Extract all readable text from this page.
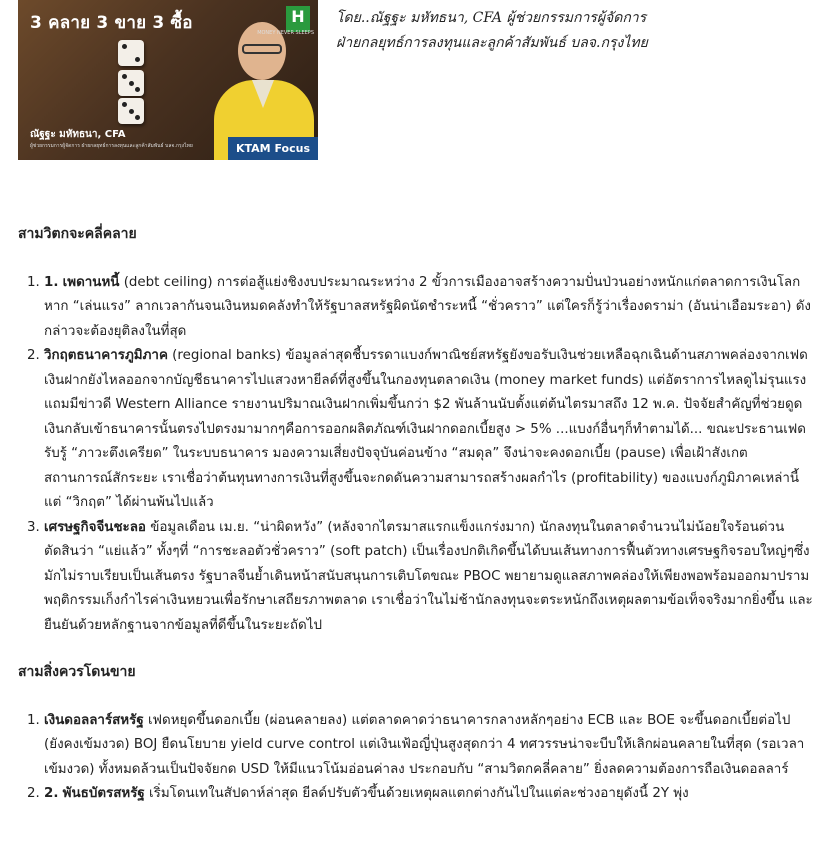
3 คลาย 3 ขาย 3 ซื้อ	H
MONEY NEVER SLEEPS
ณัฐฐะ มหัทธนา, CFA
ผู้ช่วยกรรมการผู้จัดการ ฝ่ายกลยุทธ์การลงทุนและลูกค้าสัมพันธ์ บลจ.กรุงไทย	KTAM Focus
โดย..ณัฐฐะ มหัทธนา, CFA ผู้ช่วยกรรมการผู้จัดการ
ฝ่ายกลยุทธ์การลงทุนและลูกค้าสัมพันธ์ บลจ.กรุงไทย

สามวิตกจะคลี่คลาย

1. 1. เพดานหนี้ (debt ceiling) การต่อสู้แย่งชิงงบประมาณระหว่าง 2 ขั้วการเมืองอาจสร้างความปั่นป่วนอย่างหนักแก่ตลาดการเงินโลกหาก “เล่นแรง” ลากเวลากันจนเงินหมดคลังทำให้รัฐบาลสหรัฐผิดนัดชำระหนี้ “ชั่วคราว” แต่ใครก็รู้ว่าเรื่องดราม่า (อันน่าเอือมระอา) ดังกล่าวจะต้องยุติลงในที่สุด
2. วิกฤตธนาคารภูมิภาค (regional banks) ข้อมูลล่าสุดชี้บรรดาแบงก์พาณิชย์สหรัฐยังขอรับเงินช่วยเหลือฉุกเฉินด้านสภาพคล่องจากเฟด เงินฝากยังไหลออกจากบัญชีธนาคารไปแสวงหายีลด์ที่สูงขึ้นในกองทุนตลาดเงิน (money market funds) แต่อัตราการไหลดูไม่รุนแรง แถมมีข่าวดี Western Alliance รายงานปริมาณเงินฝากเพิ่มขึ้นกว่า $2 พันล้านนับตั้งแต่ต้นไตรมาสถึง 12 พ.ค. ปัจจัยสำคัญที่ช่วยดูดเงินกลับเข้าธนาคารนั้นตรงไปตรงมามากๆคือการออกผลิตภัณฑ์เงินฝากดอกเบี้ยสูง > 5% ...แบงก์อื่นๆก็ทำตามได้... ขณะประธานเฟดรับรู้ “ภาวะตึงเครียด” ในระบบธนาคาร มองความเสี่ยงปัจจุบันค่อนข้าง “สมดุล” จึงน่าจะคงดอกเบี้ย (pause) เพื่อเฝ้าสังเกตสถานการณ์สักระยะ เราเชื่อว่าต้นทุนทางการเงินที่สูงขึ้นจะกดดันความสามารถสร้างผลกำไร (profitability) ของแบงก์ภูมิภาคเหล่านี้ แต่ “วิกฤต” ได้ผ่านพ้นไปแล้ว
3. เศรษฐกิจจีนชะลอ ข้อมูลเดือน เม.ย. “น่าผิดหวัง” (หลังจากไตรมาสแรกแข็งแกร่งมาก) นักลงทุนในตลาดจำนวนไม่น้อยใจร้อนด่วนตัดสินว่า “แย่แล้ว” ทั้งๆที่ “การชะลอตัวชั่วคราว” (soft patch) เป็นเรื่องปกติเกิดขึ้นได้บนเส้นทางการฟื้นตัวทางเศรษฐกิจรอบใหญ่ๆซึ่งมักไม่ราบเรียบเป็นเส้นตรง รัฐบาลจีนย้ำเดินหน้าสนับสนุนการเติบโตขณะ PBOC พยายามดูแลสภาพคล่องให้เพียงพอพร้อมออกมาปรามพฤติกรรมเก็งกำไรค่าเงินหยวนเพื่อรักษาเสถียรภาพตลาด เราเชื่อว่าในไม่ช้านักลงทุนจะตระหนักถึงเหตุผลตามข้อเท็จจริงมากยิ่งขึ้น และยืนยันด้วยหลักฐานจากข้อมูลที่ดีขึ้นในระยะถัดไป

สามสิ่งควรโดนขาย

1. เงินดอลลาร์สหรัฐ เฟดหยุดขึ้นดอกเบี้ย (ผ่อนคลายลง) แต่ตลาดคาดว่าธนาคารกลางหลักๆอย่าง ECB และ BOE จะขึ้นดอกเบี้ยต่อไป (ยังคงเข้มงวด) BOJ ยืดนโยบาย yield curve control แต่เงินเฟ้อญี่ปุ่นสูงสุดกว่า 4 ทศวรรษน่าจะบีบให้เลิกผ่อนคลายในที่สุด (รอเวลาเข้มงวด) ทั้งหมดล้วนเป็นปัจจัยกด USD ให้มีแนวโน้มอ่อนค่าลง ประกอบกับ “สามวิตกคลี่คลาย” ยิ่งลดความต้องการถือเงินดอลลาร์
2. 2. พันธบัตรสหรัฐ เริ่มโดนเทในสัปดาห์ล่าสุด ยีลด์ปรับตัวขึ้นด้วยเหตุผลแตกต่างกันไปในแต่ละช่วงอายุดังนี้ 2Y พุ่ง
